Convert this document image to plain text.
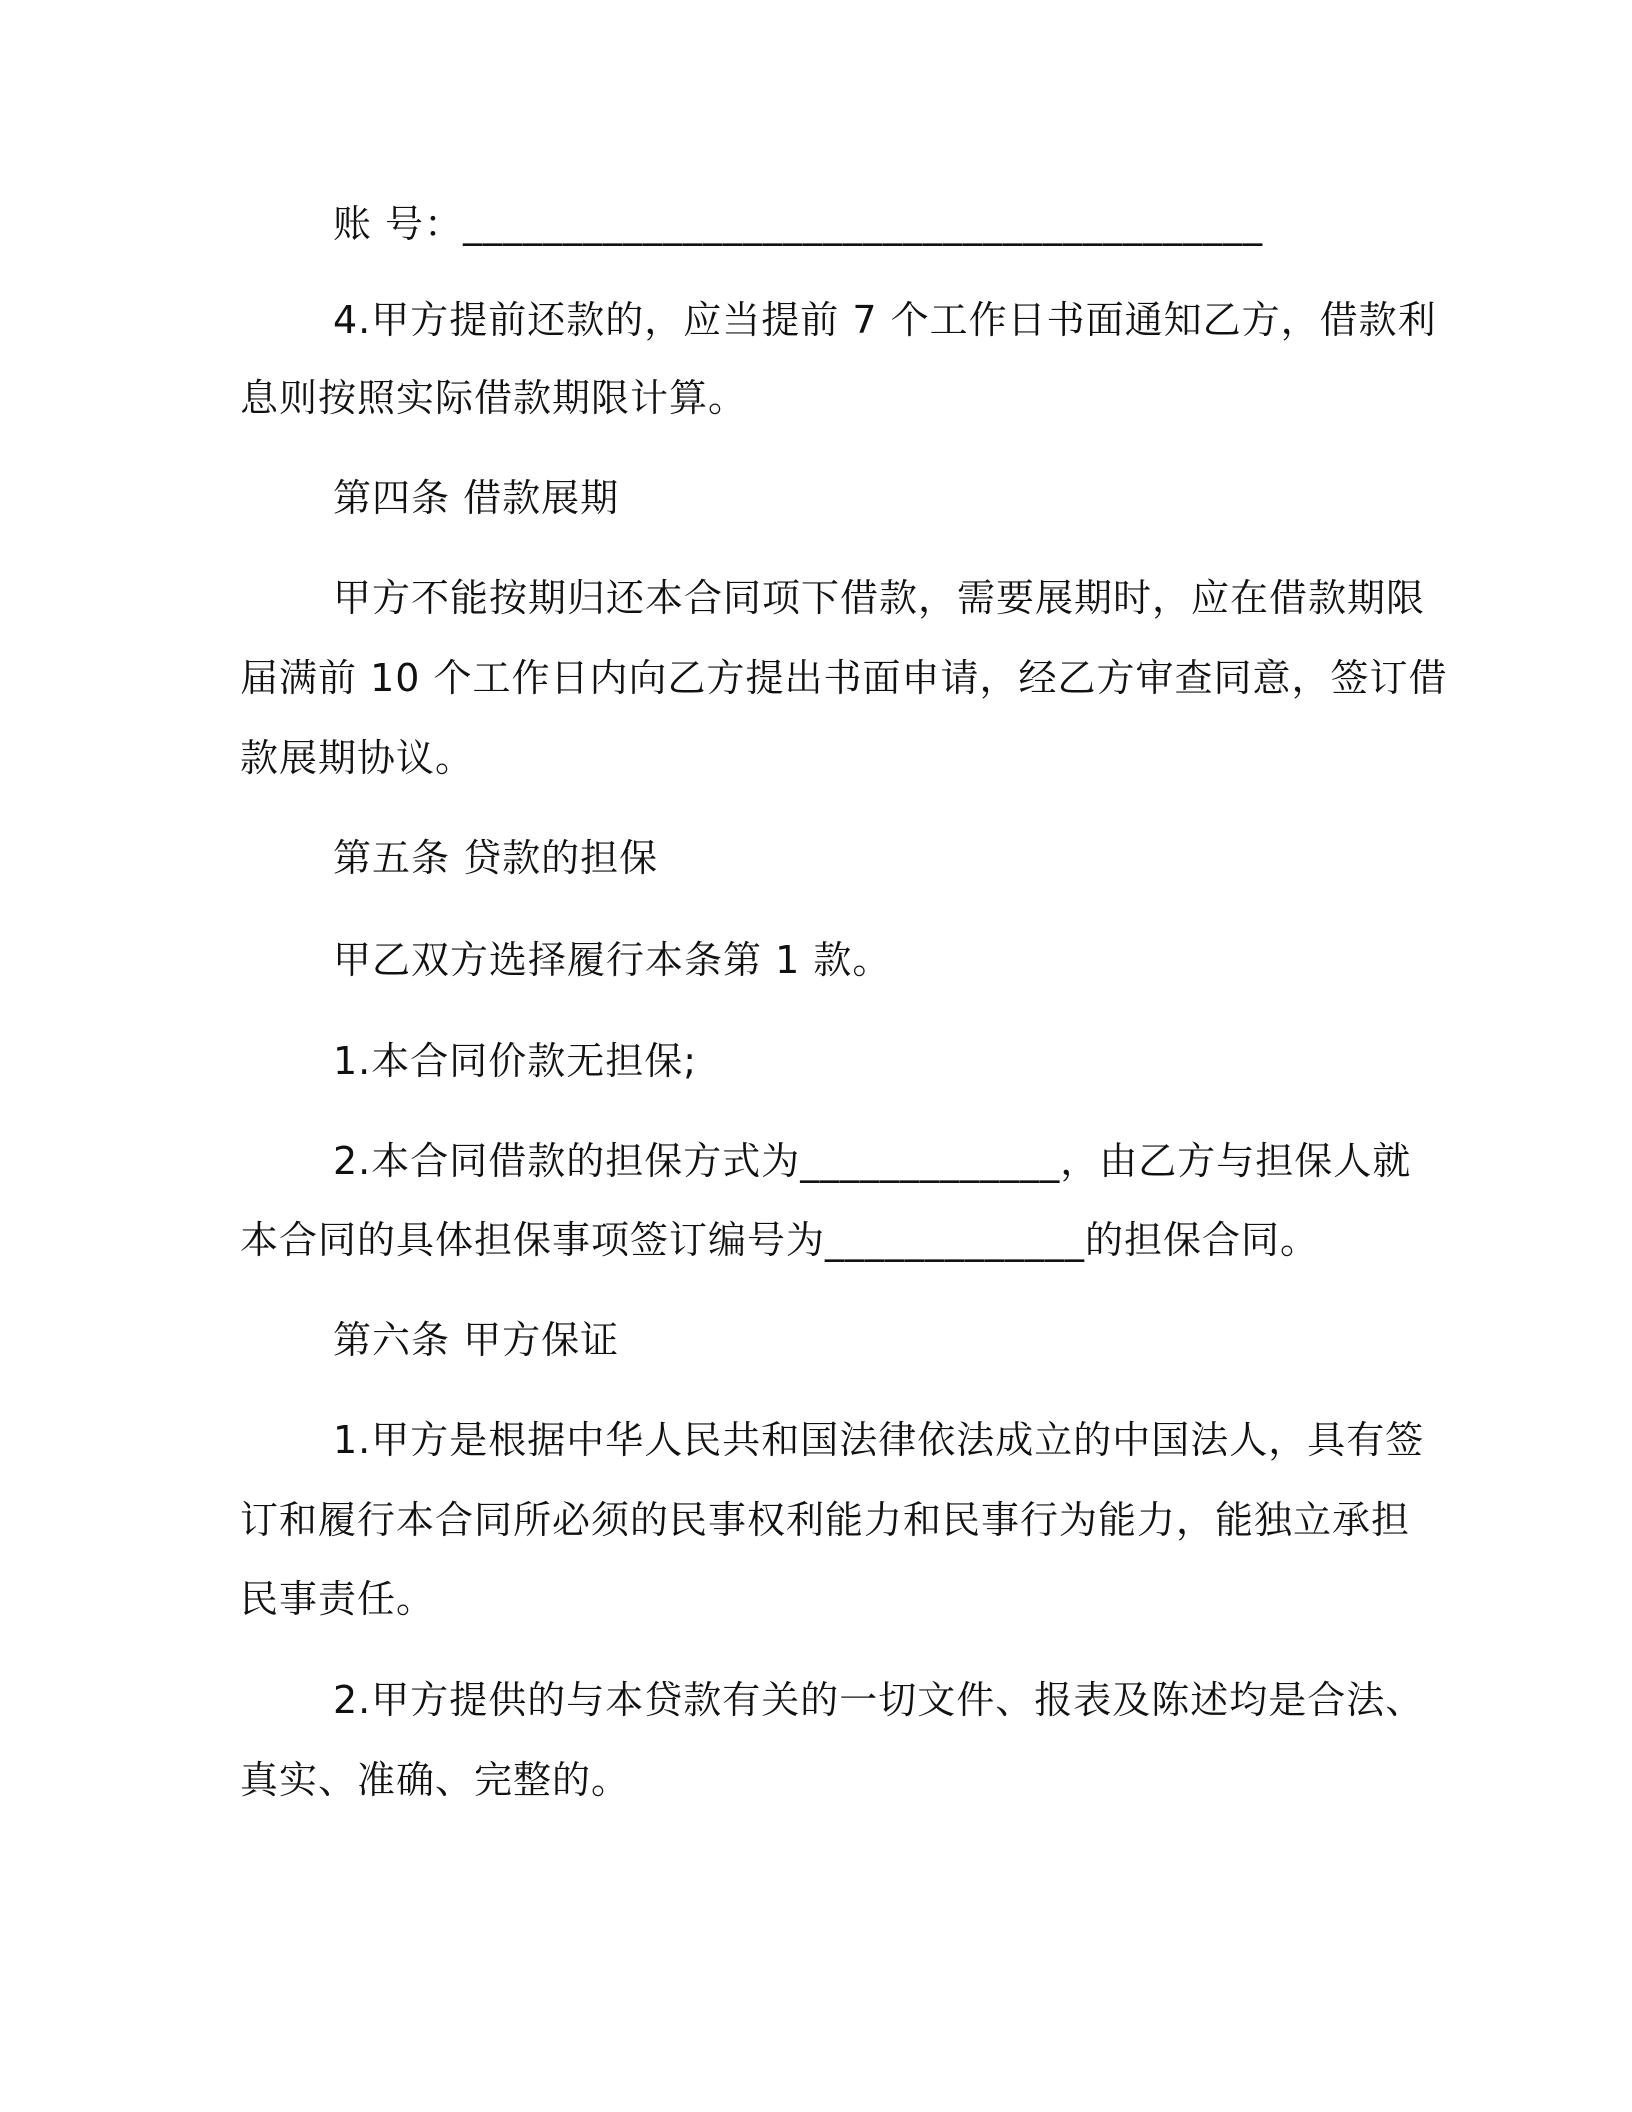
账 号：________________________________________
4.甲方提前还款的，应当提前 7 个工作日书面通知乙方，借款利
息则按照实际借款期限计算。
第四条 借款展期
甲方不能按期归还本合同项下借款，需要展期时，应在借款期限
届满前 10 个工作日内向乙方提出书面申请，经乙方审查同意，签订借
款展期协议。
第五条 贷款的担保
甲乙双方选择履行本条第 1 款。
1.本合同价款无担保;
2.本合同借款的担保方式为_____________，由乙方与担保人就
本合同的具体担保事项签订编号为_____________的担保合同。
第六条 甲方保证
1.甲方是根据中华人民共和国法律依法成立的中国法人，具有签
订和履行本合同所必须的民事权利能力和民事行为能力，能独立承担
民事责任。
2.甲方提供的与本贷款有关的一切文件、报表及陈述均是合法、
真实、准确、完整的。
